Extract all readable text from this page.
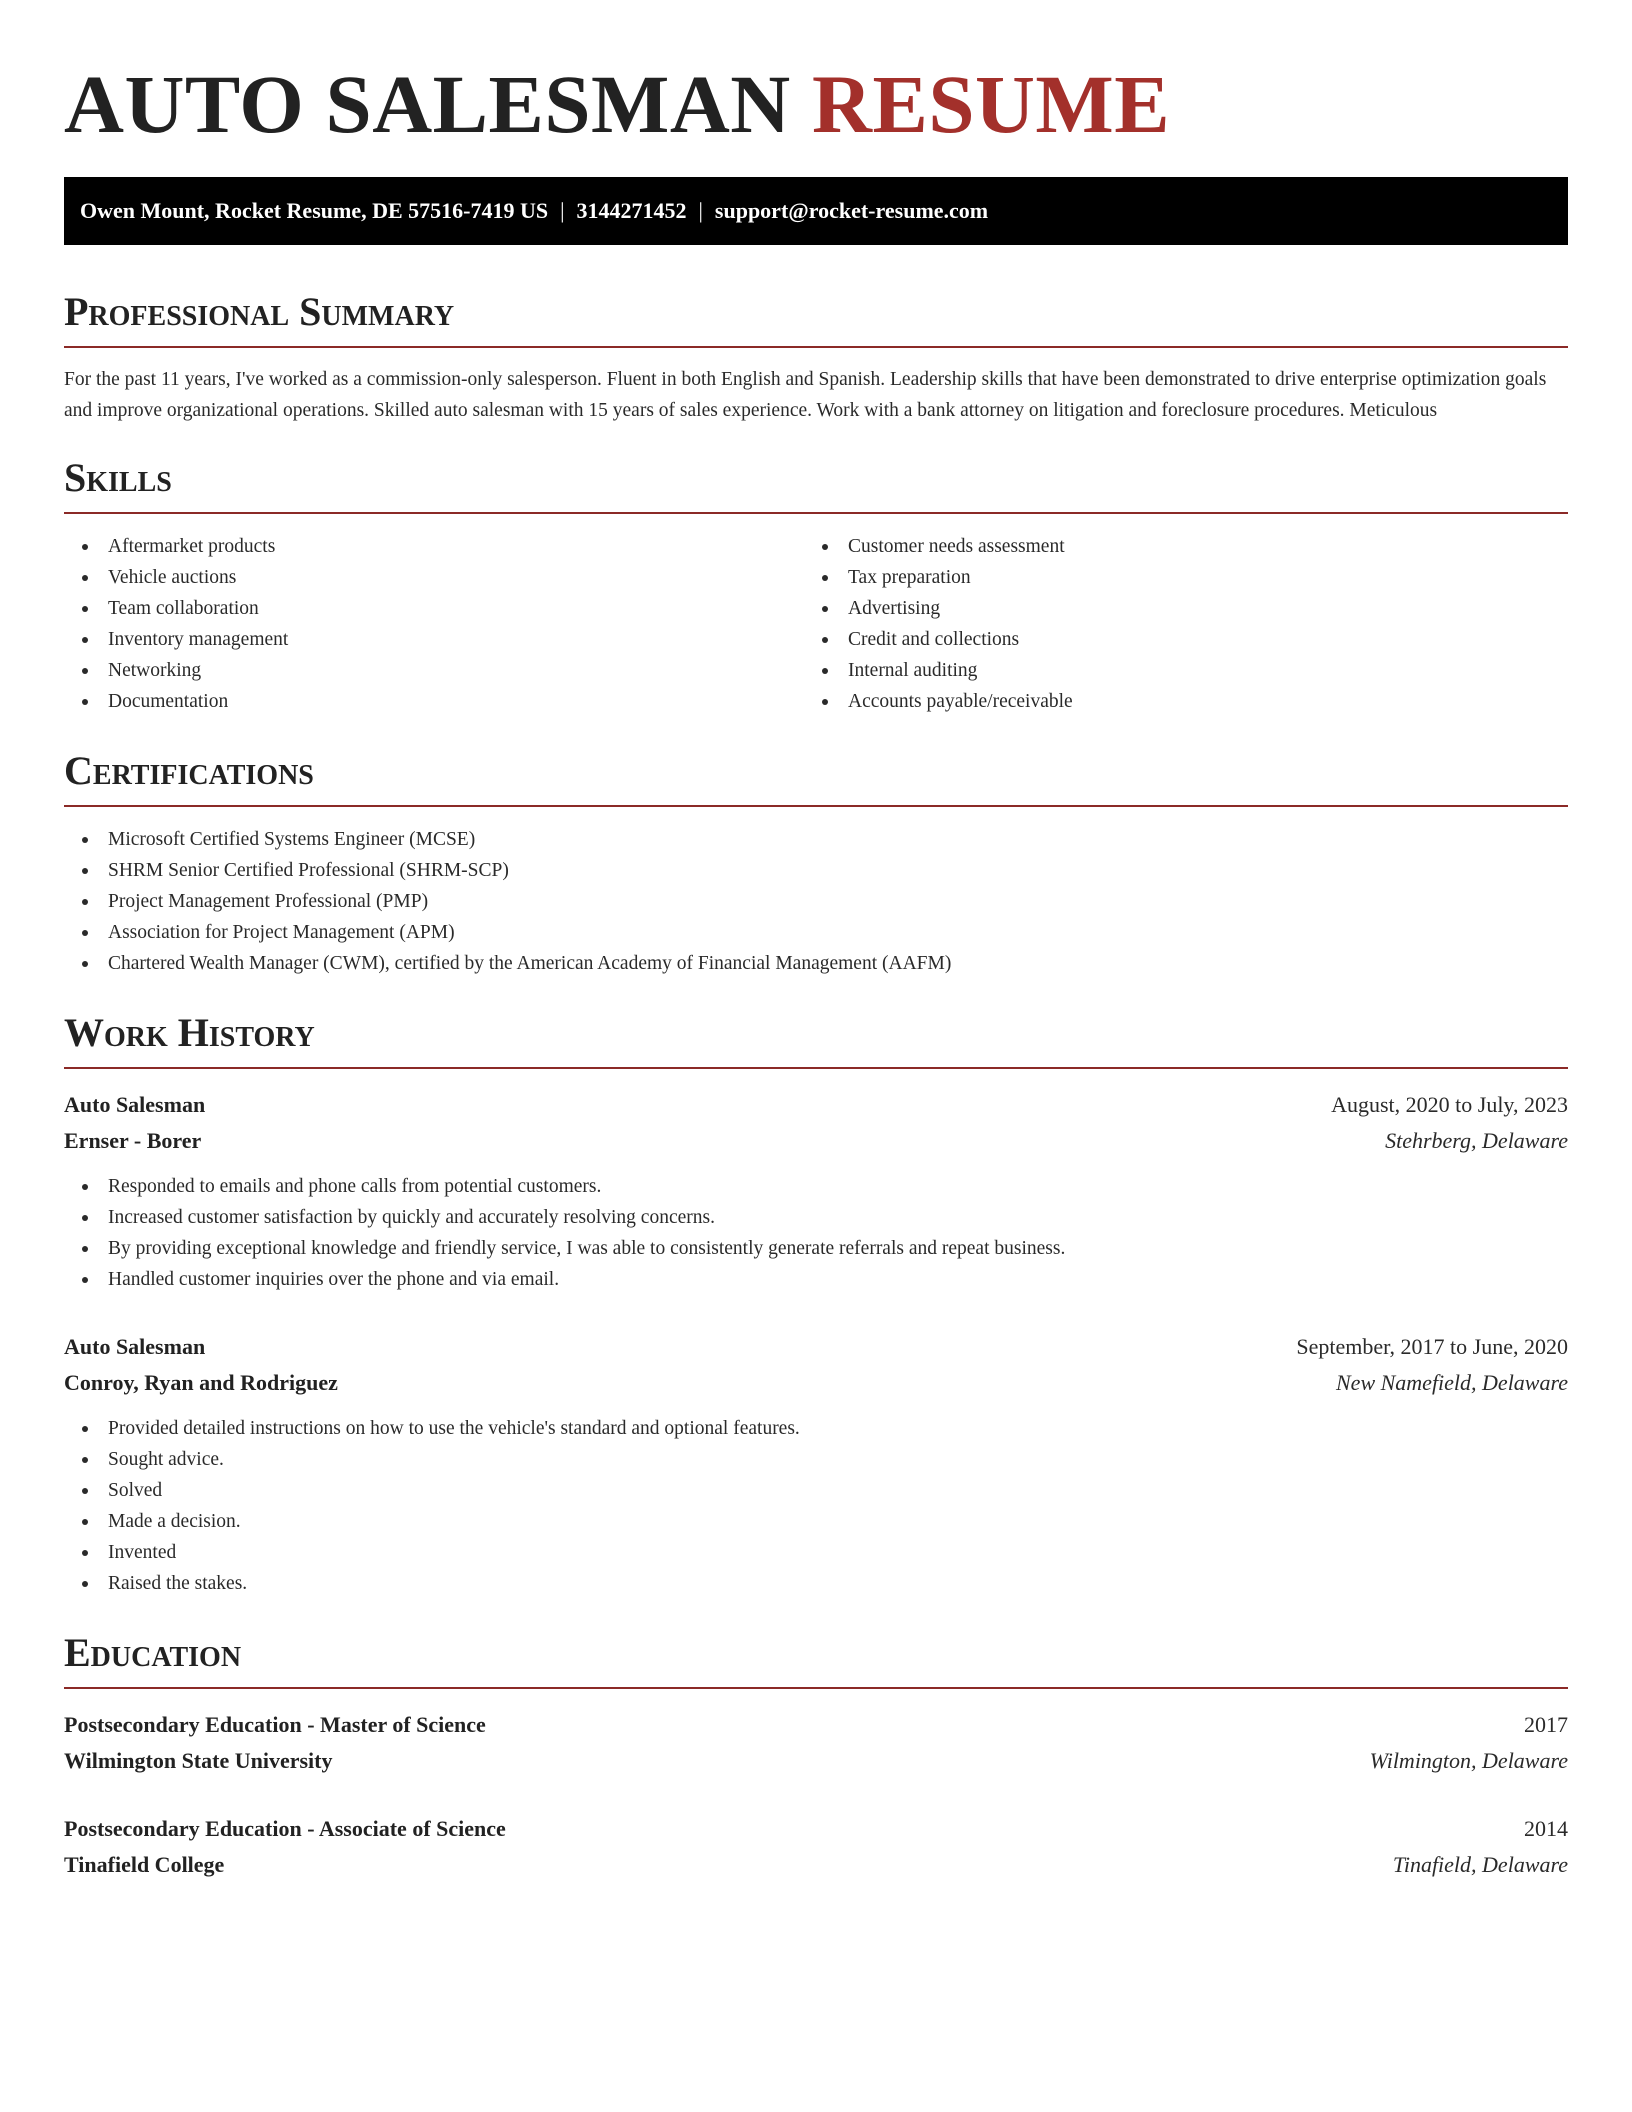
AUTO SALESMAN RESUME
Owen Mount, Rocket Resume, DE 57516-7419 US | 3144271452 | support@rocket-resume.com
Professional Summary

For the past 11 years, I've worked as a commission-only salesperson. Fluent in both English and Spanish. Leadership skills that have been demonstrated to drive enterprise optimization goals and improve organizational operations. Skilled auto salesman with 15 years of sales experience. Work with a bank attorney on litigation and foreclosure procedures. Meticulous

Skills
Aftermarket products
Vehicle auctions
Team collaboration
Inventory management
Networking
Documentation
Customer needs assessment
Tax preparation
Advertising
Credit and collections
Internal auditing
Accounts payable/receivable
Certifications
Microsoft Certified Systems Engineer (MCSE)
SHRM Senior Certified Professional (SHRM-SCP)
Project Management Professional (PMP)
Association for Project Management (APM)
Chartered Wealth Manager (CWM), certified by the American Academy of Financial Management (AAFM)
Work History
Auto Salesman	August, 2020 to July, 2023
Ernser - Borer	Stehrberg, Delaware
Responded to emails and phone calls from potential customers.
Increased customer satisfaction by quickly and accurately resolving concerns.
By providing exceptional knowledge and friendly service, I was able to consistently generate referrals and repeat business.
Handled customer inquiries over the phone and via email.
Auto Salesman	September, 2017 to June, 2020
Conroy, Ryan and Rodriguez	New Namefield, Delaware
Provided detailed instructions on how to use the vehicle's standard and optional features.
Sought advice.
Solved
Made a decision.
Invented
Raised the stakes.
Education
Postsecondary Education - Master of Science	2017
Wilmington State University	Wilmington, Delaware
Postsecondary Education - Associate of Science	2014
Tinafield College	Tinafield, Delaware
